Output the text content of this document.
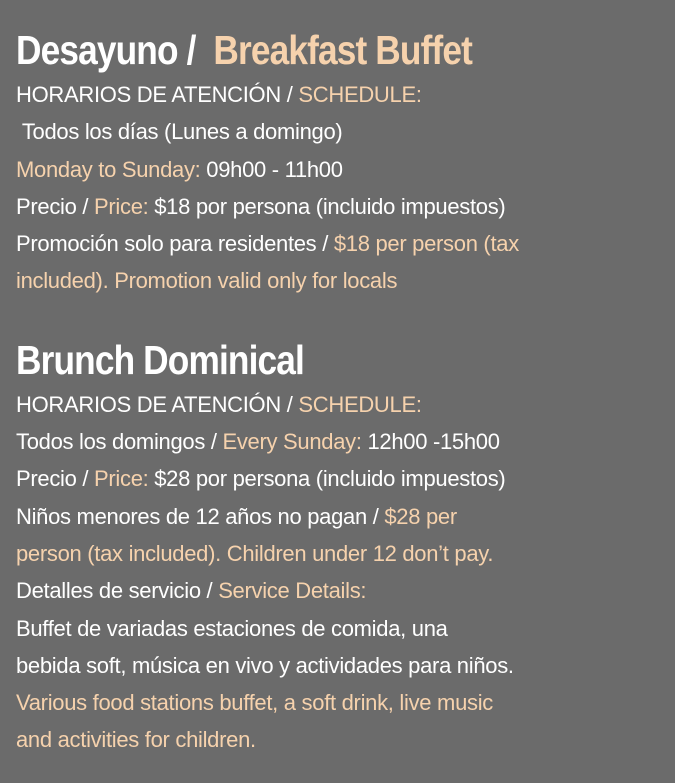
Desayuno / Breakfast Buffet

HORARIOS DE ATENCIÓN / SCHEDULE:

Todos los días (Lunes a domingo)

Monday to Sunday: 09h00 - 11h00

Precio / Price: $18 por persona (incluido impuestos)

Promoción solo para residentes / $18 per person (tax

included). Promotion valid only for locals

Brunch Dominical

HORARIOS DE ATENCIÓN / SCHEDULE:

Todos los domingos / Every Sunday: 12h00 -15h00

Precio / Price: $28 por persona (incluido impuestos)

Niños menores de 12 años no pagan / $28 per

person (tax included). Children under 12 don’t pay.

Detalles de servicio / Service Details:

Buffet de variadas estaciones de comida, una

bebida soft, música en vivo y actividades para niños.

Various food stations buffet, a soft drink, live music

and activities for children.
